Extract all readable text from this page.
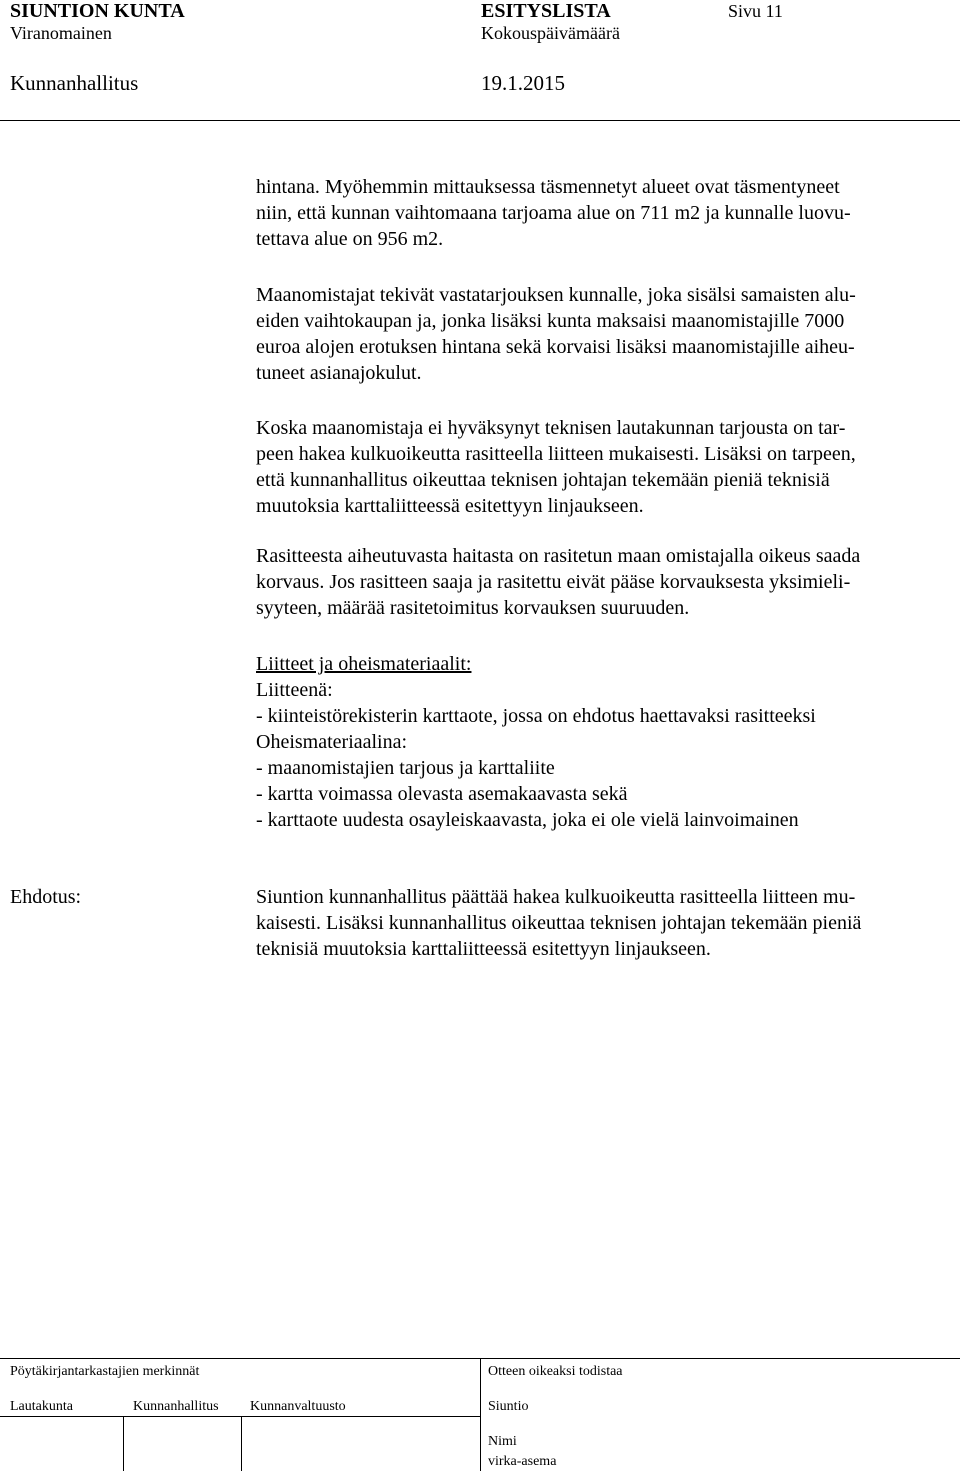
SIUNTION KUNTA
Viranomainen
ESITYSLISTA
Kokouspäivämäärä
Sivu 11
Kunnanhallitus	19.1.2015
hintana. Myöhemmin mittauksessa täsmennetyt alueet ovat täsmentyneet
niin, että kunnan vaihtomaana tarjoama alue on 711 m2 ja kunnalle luovu-
tettava alue on 956 m2.
Maanomistajat tekivät vastatarjouksen kunnalle, joka sisälsi samaisten alu-
eiden vaihtokaupan ja, jonka lisäksi kunta maksaisi maanomistajille 7000
euroa alojen erotuksen hintana sekä korvaisi lisäksi maanomistajille aiheu-
tuneet asianajokulut.
Koska maanomistaja ei hyväksynyt teknisen lautakunnan tarjousta on tar-
peen hakea kulkuoikeutta rasitteella liitteen mukaisesti. Lisäksi on tarpeen,
että kunnanhallitus oikeuttaa teknisen johtajan tekemään pieniä teknisiä
muutoksia karttaliitteessä esitettyyn linjaukseen.
Rasitteesta aiheutuvasta haitasta on rasitetun maan omistajalla oikeus saada
korvaus. Jos rasitteen saaja ja rasitettu eivät pääse korvauksesta yksimieli-
syyteen, määrää rasitetoimitus korvauksen suuruuden.
Liitteet ja oheismateriaalit:
Liitteenä:
- kiinteistörekisterin karttaote, jossa on ehdotus haettavaksi rasitteeksi
Oheismateriaalina:
- maanomistajien tarjous ja karttaliite
- kartta voimassa olevasta asemakaavasta sekä
- karttaote uudesta osayleiskaavasta, joka ei ole vielä lainvoimainen
Ehdotus:	Siuntion kunnanhallitus päättää hakea kulkuoikeutta rasitteella liitteen mu-
kaisesti. Lisäksi kunnanhallitus oikeuttaa teknisen johtajan tekemään pieniä
teknisiä muutoksia karttaliitteessä esitettyyn linjaukseen.
Pöytäkirjantarkastajien merkinnät	Otteen oikeaksi todistaa
Lautakunta	Kunnanhallitus Kunnanvaltuusto	Siuntio
Nimi
virka-asema
